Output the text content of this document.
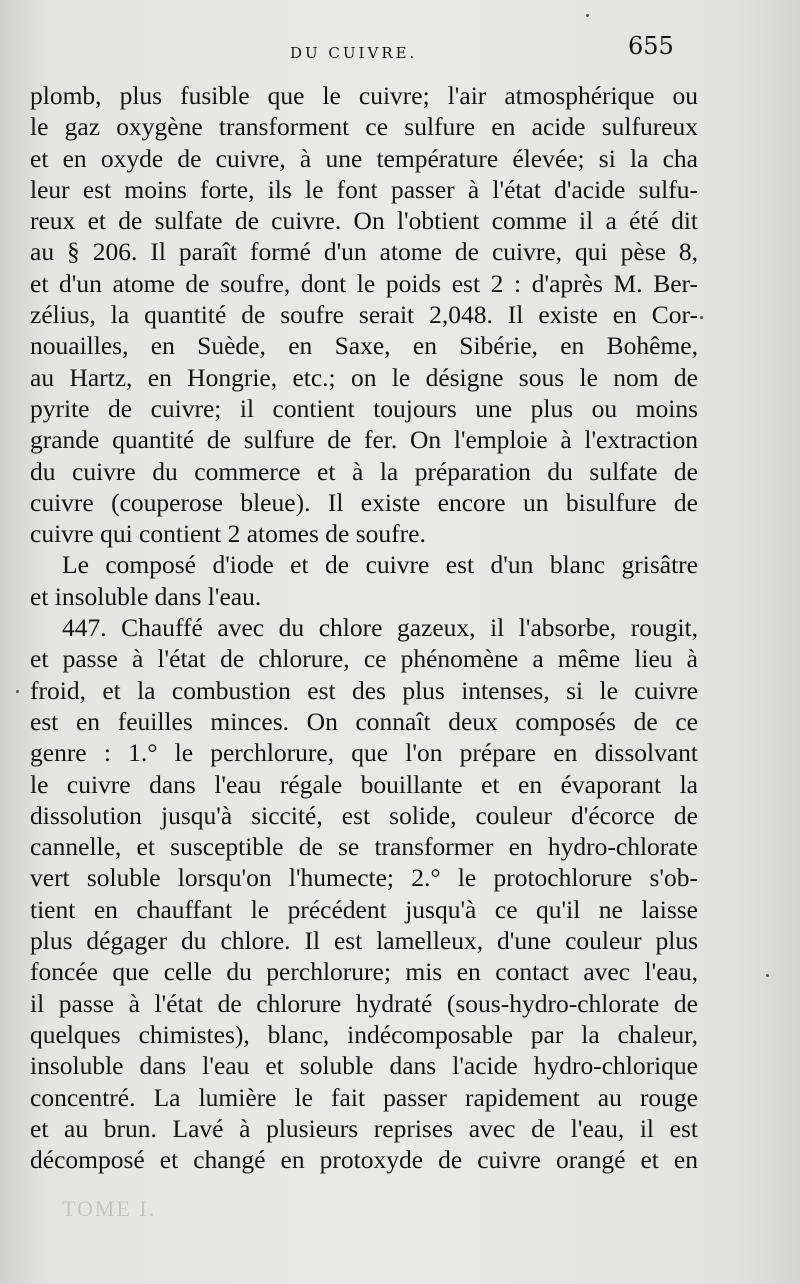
DU CUIVRE.	655
plomb, plus fusible que le cuivre; l'air atmosphérique ou
le gaz oxygène transforment ce sulfure en acide sulfureux
et en oxyde de cuivre, à une température élevée; si la cha
leur est moins forte, ils le font passer à l'état d'acide sulfu-
reux et de sulfate de cuivre. On l'obtient comme il a été dit
au § 206. Il paraît formé d'un atome de cuivre, qui pèse 8,
et d'un atome de soufre, dont le poids est 2 : d'après M. Ber-
zélius, la quantité de soufre serait 2,048. Il existe en Cor-
nouailles, en Suède, en Saxe, en Sibérie, en Bohême,
au Hartz, en Hongrie, etc.; on le désigne sous le nom de
pyrite de cuivre; il contient toujours une plus ou moins
grande quantité de sulfure de fer. On l'emploie à l'extraction
du cuivre du commerce et à la préparation du sulfate de
cuivre (couperose bleue). Il existe encore un bisulfure de
cuivre qui contient 2 atomes de soufre.
Le composé d'iode et de cuivre est d'un blanc grisâtre
et insoluble dans l'eau.
447. Chauffé avec du chlore gazeux, il l'absorbe, rougit,
et passe à l'état de chlorure, ce phénomène a même lieu à
froid, et la combustion est des plus intenses, si le cuivre
est en feuilles minces. On connaît deux composés de ce
genre : 1.° le perchlorure, que l'on prépare en dissolvant
le cuivre dans l'eau régale bouillante et en évaporant la
dissolution jusqu'à siccité, est solide, couleur d'écorce de
cannelle, et susceptible de se transformer en hydro-chlorate
vert soluble lorsqu'on l'humecte; 2.° le protochlorure s'ob-
tient en chauffant le précédent jusqu'à ce qu'il ne laisse
plus dégager du chlore. Il est lamelleux, d'une couleur plus
foncée que celle du perchlorure; mis en contact avec l'eau,
il passe à l'état de chlorure hydraté (sous-hydro-chlorate de
quelques chimistes), blanc, indécomposable par la chaleur,
insoluble dans l'eau et soluble dans l'acide hydro-chlorique
concentré. La lumière le fait passer rapidement au rouge
et au brun. Lavé à plusieurs reprises avec de l'eau, il est
décomposé et changé en protoxyde de cuivre orangé et en
TOME I.
